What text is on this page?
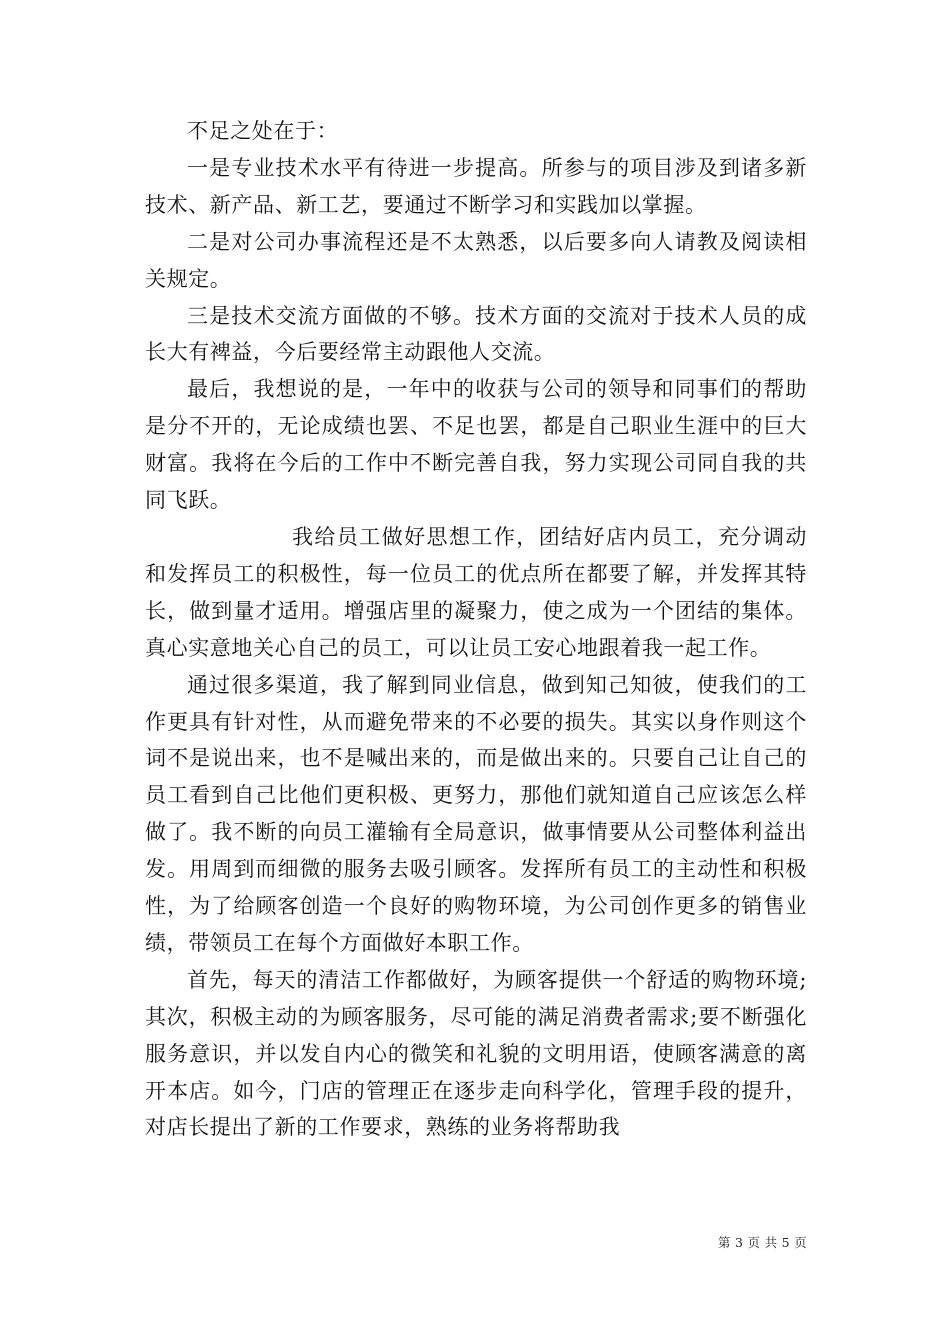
不足之处在于：

一是专业技术水平有待进一步提高。所参与的项目涉及到诸多新技术、新产品、新工艺，要通过不断学习和实践加以掌握。

二是对公司办事流程还是不太熟悉，以后要多向人请教及阅读相关规定。

三是技术交流方面做的不够。技术方面的交流对于技术人员的成长大有裨益，今后要经常主动跟他人交流。

最后，我想说的是，一年中的收获与公司的领导和同事们的帮助是分不开的，无论成绩也罢、不足也罢，都是自己职业生涯中的巨大财富。我将在今后的工作中不断完善自我，努力实现公司同自我的共同飞跃。

我给员工做好思想工作，团结好店内员工，充分调动和发挥员工的积极性，每一位员工的优点所在都要了解，并发挥其特长，做到量才适用。增强店里的凝聚力，使之成为一个团结的集体。真心实意地关心自己的员工，可以让员工安心地跟着我一起工作。

通过很多渠道，我了解到同业信息，做到知己知彼，使我们的工作更具有针对性，从而避免带来的不必要的损失。其实以身作则这个词不是说出来，也不是喊出来的，而是做出来的。只要自己让自己的员工看到自己比他们更积极、更努力，那他们就知道自己应该怎么样做了。我不断的向员工灌输有全局意识，做事情要从公司整体利益出发。用周到而细微的服务去吸引顾客。发挥所有员工的主动性和积极性，为了给顾客创造一个良好的购物环境，为公司创作更多的销售业绩，带领员工在每个方面做好本职工作。

首先，每天的清洁工作都做好，为顾客提供一个舒适的购物环境;其次，积极主动的为顾客服务，尽可能的满足消费者需求;要不断强化服务意识，并以发自内心的微笑和礼貌的文明用语，使顾客满意的离开本店。如今，门店的管理正在逐步走向科学化，管理手段的提升，对店长提出了新的工作要求，熟练的业务将帮助我

第 3 页 共 5 页
